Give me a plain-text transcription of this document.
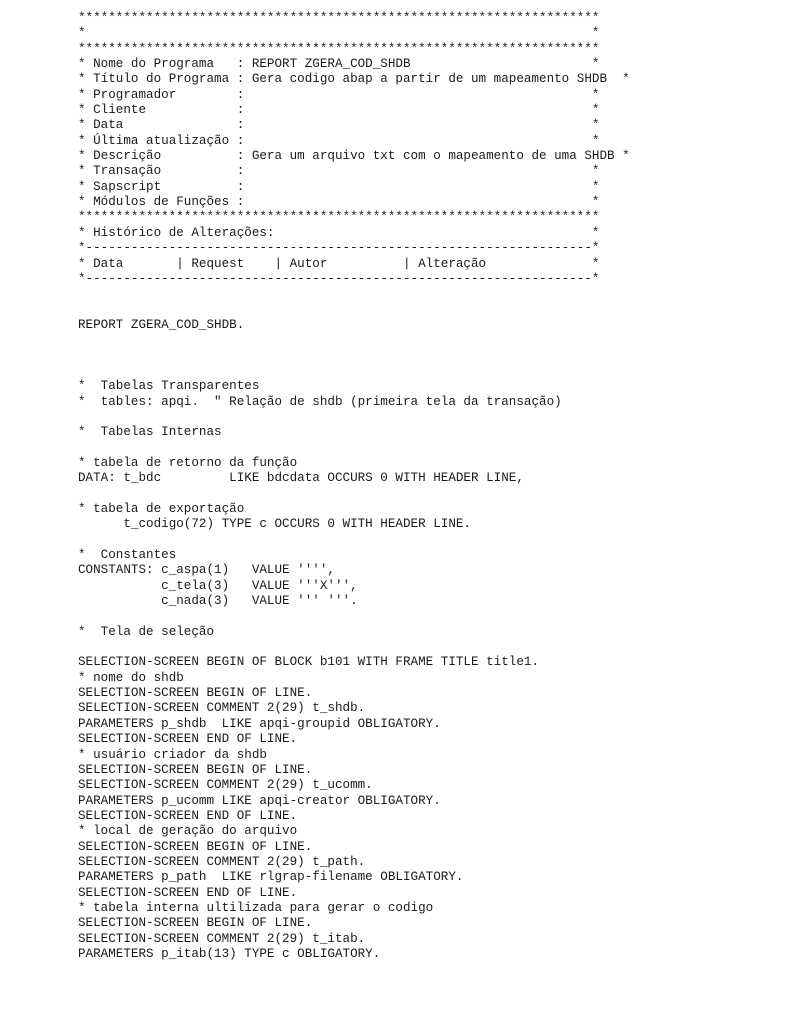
*********************************************************************
*                                                                   *
*********************************************************************
* Nome do Programa   : REPORT ZGERA_COD_SHDB                        *
* Título do Programa : Gera codigo abap a partir de um mapeamento SHDB  *
* Programador        :                                              *
* Cliente            :                                              *
* Data               :                                              *
* Última atualização :                                              *
* Descrição          : Gera um arquivo txt com o mapeamento de uma SHDB *
* Transação          :                                              *
* Sapscript          :                                              *
* Módulos de Funções :                                              *
*********************************************************************
* Histórico de Alterações:                                          *
*-------------------------------------------------------------------*
* Data       | Request    | Autor          | Alteração              *
*-------------------------------------------------------------------*
REPORT ZGERA_COD_SHDB.
*  Tabelas Transparentes
*  tables: apqi.  " Relação de shdb (primeira tela da transação)
*  Tabelas Internas
* tabela de retorno da função
DATA: t_bdc         LIKE bdcdata OCCURS 0 WITH HEADER LINE,
* tabela de exportação
t_codigo(72) TYPE c OCCURS 0 WITH HEADER LINE.
*  Constantes
CONSTANTS: c_aspa(1)   VALUE '''',
c_tela(3)   VALUE '''X''',
c_nada(3)   VALUE ''' '''.
*  Tela de seleção
SELECTION-SCREEN BEGIN OF BLOCK b101 WITH FRAME TITLE title1.
* nome do shdb
SELECTION-SCREEN BEGIN OF LINE.
SELECTION-SCREEN COMMENT 2(29) t_shdb.
PARAMETERS p_shdb  LIKE apqi-groupid OBLIGATORY.
SELECTION-SCREEN END OF LINE.
* usuário criador da shdb
SELECTION-SCREEN BEGIN OF LINE.
SELECTION-SCREEN COMMENT 2(29) t_ucomm.
PARAMETERS p_ucomm LIKE apqi-creator OBLIGATORY.
SELECTION-SCREEN END OF LINE.
* local de geração do arquivo
SELECTION-SCREEN BEGIN OF LINE.
SELECTION-SCREEN COMMENT 2(29) t_path.
PARAMETERS p_path  LIKE rlgrap-filename OBLIGATORY.
SELECTION-SCREEN END OF LINE.
* tabela interna ultilizada para gerar o codigo
SELECTION-SCREEN BEGIN OF LINE.
SELECTION-SCREEN COMMENT 2(29) t_itab.
PARAMETERS p_itab(13) TYPE c OBLIGATORY.
